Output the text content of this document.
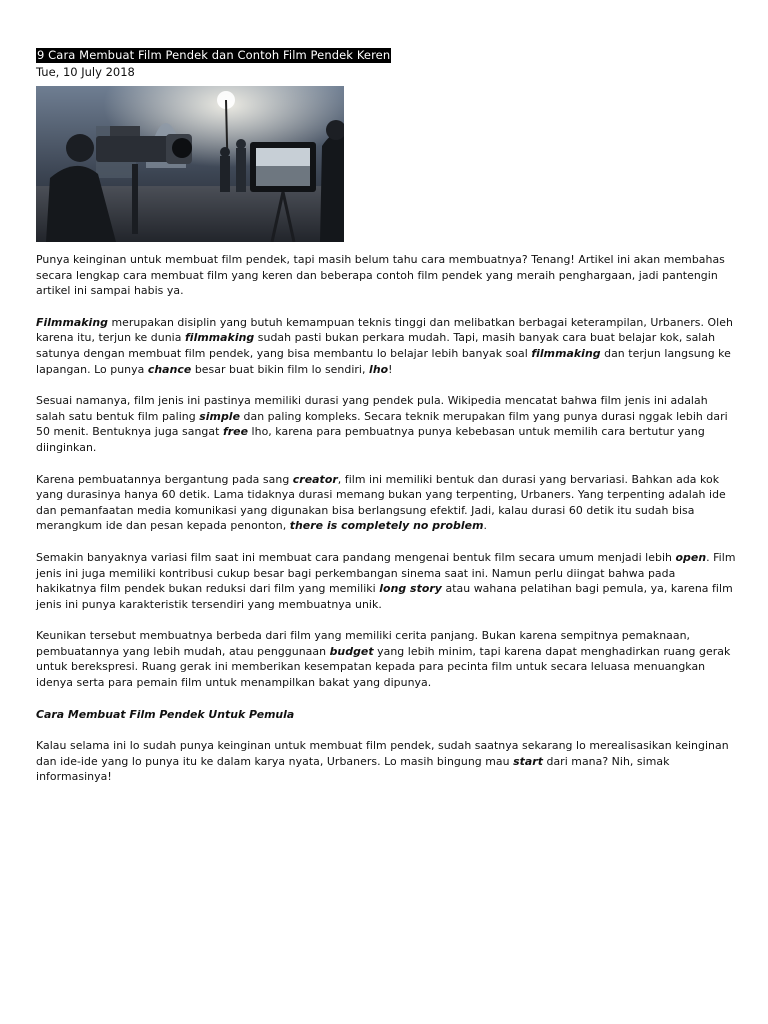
9 Cara Membuat Film Pendek dan Contoh Film Pendek Keren
Tue, 10 July 2018

Punya keinginan untuk membuat film pendek, tapi masih belum tahu cara membuatnya? Tenang! Artikel ini akan membahas secara lengkap cara membuat film yang keren dan beberapa contoh film pendek yang meraih penghargaan, jadi pantengin artikel ini sampai habis ya.

Filmmaking merupakan disiplin yang butuh kemampuan teknis tinggi dan melibatkan berbagai keterampilan, Urbaners. Oleh karena itu, terjun ke dunia filmmaking sudah pasti bukan perkara mudah. Tapi, masih banyak cara buat belajar kok, salah satunya dengan membuat film pendek, yang bisa membantu lo belajar lebih banyak soal filmmaking dan terjun langsung ke lapangan. Lo punya chance besar buat bikin film lo sendiri, lho!

Sesuai namanya, film jenis ini pastinya memiliki durasi yang pendek pula. Wikipedia mencatat bahwa film jenis ini adalah salah satu bentuk film paling simple dan paling kompleks. Secara teknik merupakan film yang punya durasi nggak lebih dari 50 menit. Bentuknya juga sangat free lho, karena para pembuatnya punya kebebasan untuk memilih cara bertutur yang diinginkan.

Karena pembuatannya bergantung pada sang creator, film ini memiliki bentuk dan durasi yang bervariasi. Bahkan ada kok yang durasinya hanya 60 detik. Lama tidaknya durasi memang bukan yang terpenting, Urbaners. Yang terpenting adalah ide dan pemanfaatan media komunikasi yang digunakan bisa berlangsung efektif. Jadi, kalau durasi 60 detik itu sudah bisa merangkum ide dan pesan kepada penonton, there is completely no problem.

Semakin banyaknya variasi film saat ini membuat cara pandang mengenai bentuk film secara umum menjadi lebih open. Film jenis ini juga memiliki kontribusi cukup besar bagi perkembangan sinema saat ini. Namun perlu diingat bahwa pada hakikatnya film pendek bukan reduksi dari film yang memiliki long story atau wahana pelatihan bagi pemula, ya, karena film jenis ini punya karakteristik tersendiri yang membuatnya unik.

Keunikan tersebut membuatnya berbeda dari film yang memiliki cerita panjang. Bukan karena sempitnya pemaknaan, pembuatannya yang lebih mudah, atau penggunaan budget yang lebih minim, tapi karena dapat menghadirkan ruang gerak untuk berekspresi. Ruang gerak ini memberikan kesempatan kepada para pecinta film untuk secara leluasa menuangkan idenya serta para pemain film untuk menampilkan bakat yang dipunya.

Cara Membuat Film Pendek Untuk Pemula

Kalau selama ini lo sudah punya keinginan untuk membuat film pendek, sudah saatnya sekarang lo merealisasikan keinginan dan ide-ide yang lo punya itu ke dalam karya nyata, Urbaners. Lo masih bingung mau start dari mana? Nih, simak informasinya!
